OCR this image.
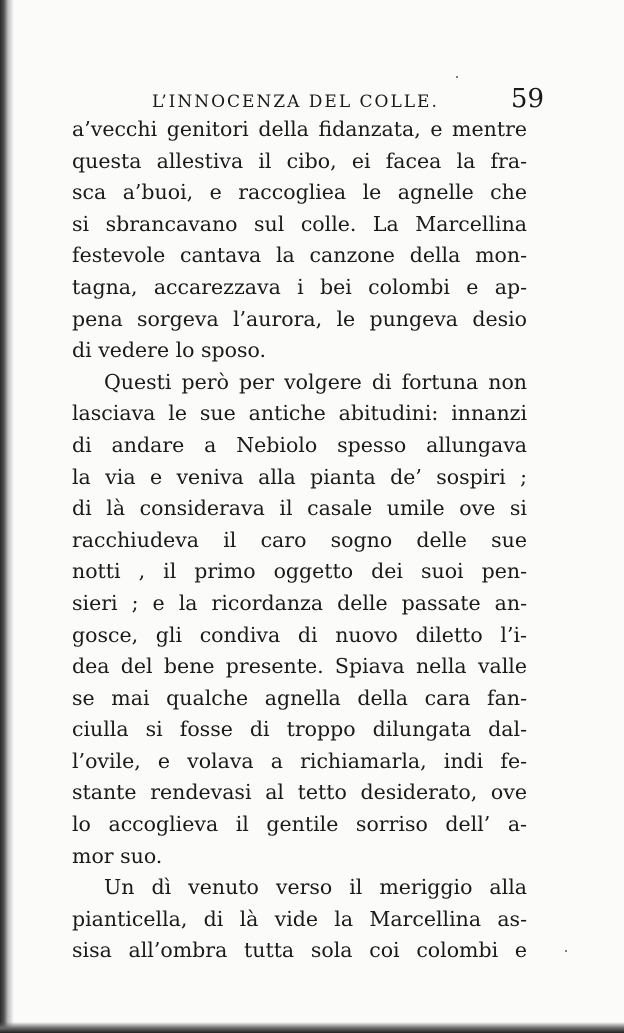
L’INNOCENZA DEL COLLE.	59
a’vecchi genitori della fidanzata, e mentre
questa allestiva il cibo, ei facea la fra-
sca a’buoi, e raccogliea le agnelle che
si sbrancavano sul colle. La Marcellina
festevole cantava la canzone della mon-
tagna, accarezzava i bei colombi e ap-
pena sorgeva l’aurora, le pungeva desio
di vedere lo sposo.
Questi però per volgere di fortuna non
lasciava le sue antiche abitudini: innanzi
di andare a Nebiolo spesso allungava
la via e veniva alla pianta de’ sospiri ;
di là considerava il casale umile ove si
racchiudeva il caro sogno delle sue
notti , il primo oggetto dei suoi pen-
sieri ; e la ricordanza delle passate an-
gosce, gli condiva di nuovo diletto l’i-
dea del bene presente. Spiava nella valle
se mai qualche agnella della cara fan-
ciulla si fosse di troppo dilungata dal-
l’ovile, e volava a richiamarla, indi fe-
stante rendevasi al tetto desiderato, ove
lo accoglieva il gentile sorriso dell’ a-
mor suo.
Un dì venuto verso il meriggio alla
pianticella, di là vide la Marcellina as-
sisa all’ombra tutta sola coi colombi e
